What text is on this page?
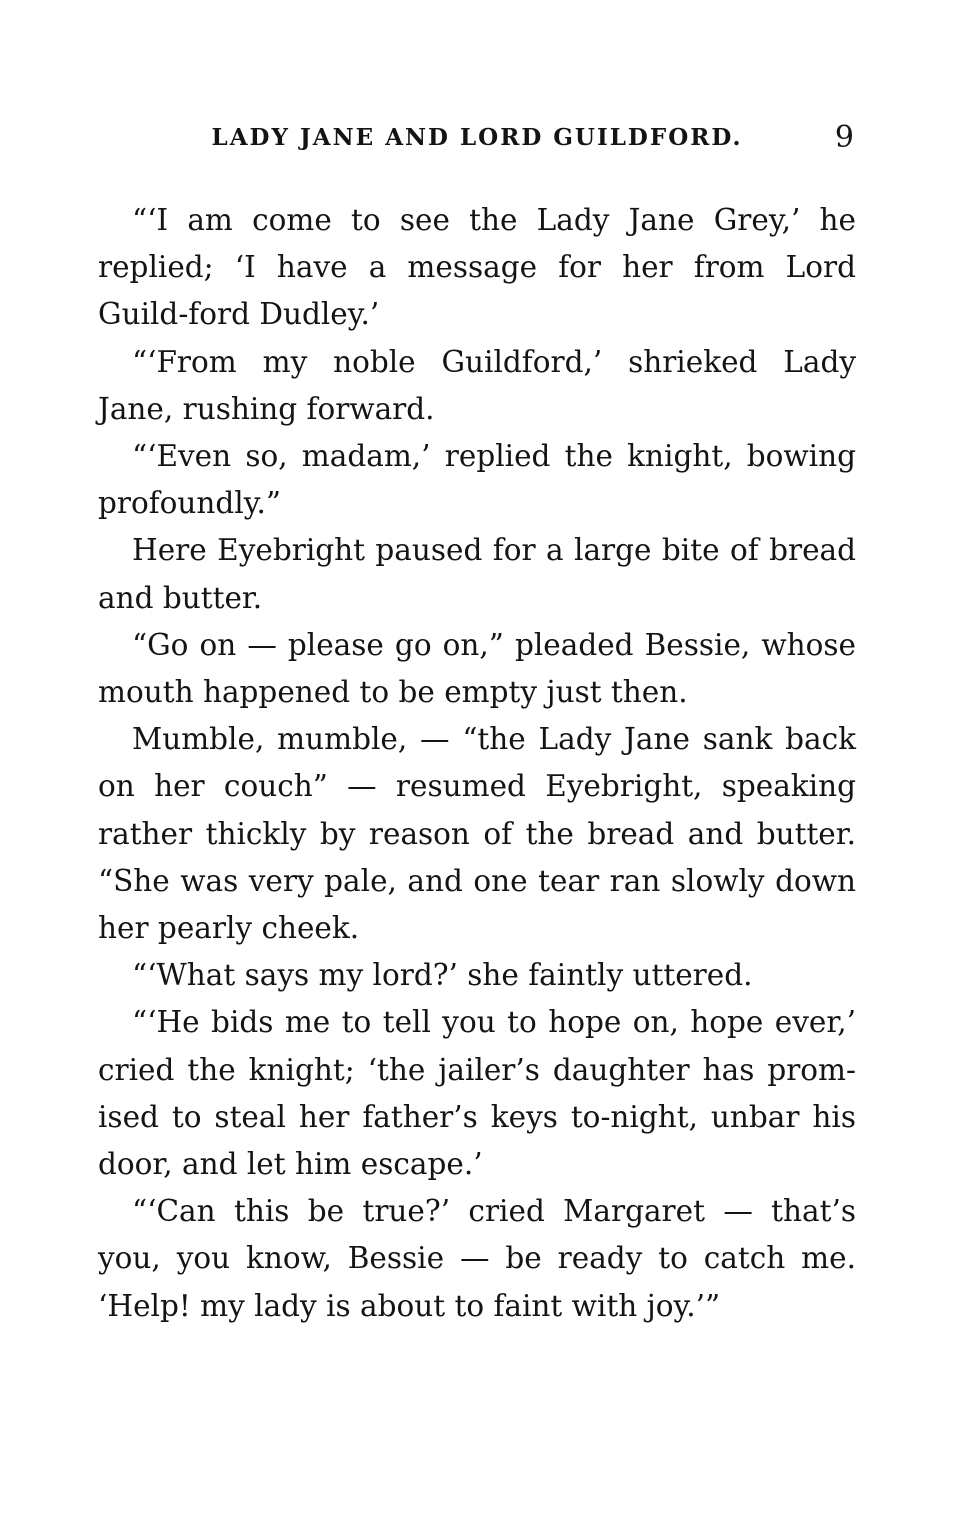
LADY JANE AND LORD GUILDFORD.	9

“‘I am come to see the Lady Jane Grey,’ he replied; ‘I have a message for her from Lord Guild-ford Dudley.’

“‘From my noble Guildford,’ shrieked Lady Jane, rushing forward.

“‘Even so, madam,’ replied the knight, bowing profoundly.”

Here Eyebright paused for a large bite of bread and butter.

“Go on — please go on,” pleaded Bessie, whose mouth happened to be empty just then.

Mumble, mumble, — “the Lady Jane sank back on her couch” — resumed Eyebright, speaking rather thickly by reason of the bread and butter. “She was very pale, and one tear ran slowly down her pearly cheek.

“‘What says my lord?’ she faintly uttered.

“‘He bids me to tell you to hope on, hope ever,’ cried the knight; ‘the jailer’s daughter has prom-ised to steal her father’s keys to-night, unbar his door, and let him escape.’

“‘Can this be true?’ cried Margaret — that’s you, you know, Bessie — be ready to catch me. ‘Help! my lady is about to faint with joy.’”
